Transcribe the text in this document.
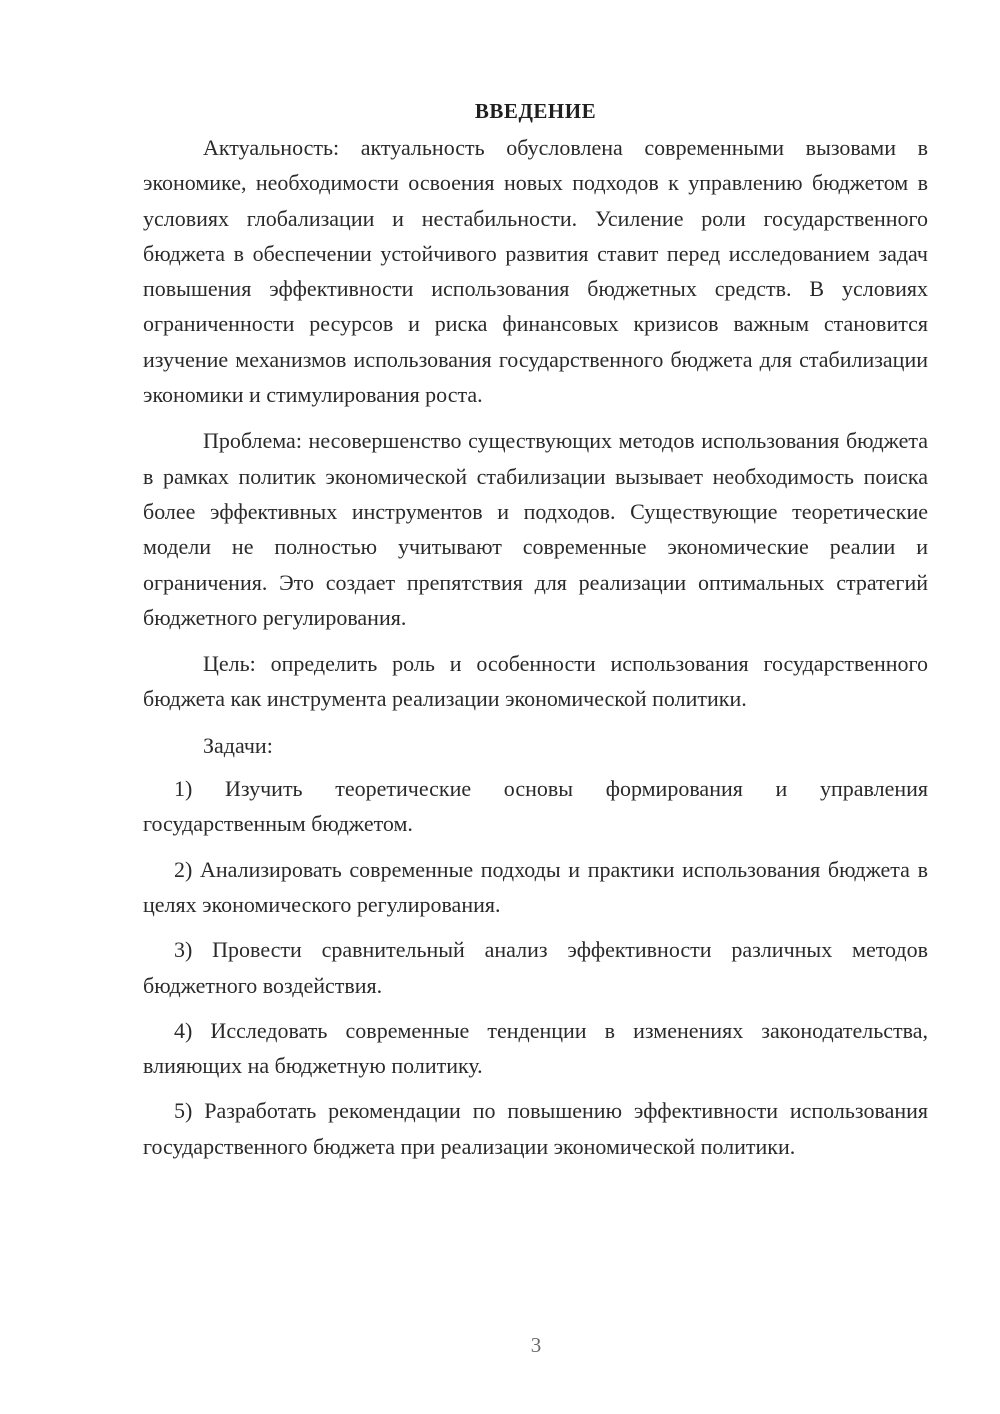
ВВЕДЕНИЕ

Актуальность: актуальность обусловлена современными вызовами в экономике, необходимости освоения новых подходов к управлению бюджетом в условиях глобализации и нестабильности. Усиление роли государственного бюджета в обеспечении устойчивого развития ставит перед исследованием задач повышения эффективности использования бюджетных средств. В условиях ограниченности ресурсов и риска финансовых кризисов важным становится изучение механизмов использования государственного бюджета для стабилизации экономики и стимулирования роста.

Проблема: несовершенство существующих методов использования бюджета в рамках политик экономической стабилизации вызывает необходимость поиска более эффективных инструментов и подходов. Существующие теоретические модели не полностью учитывают современные экономические реалии и ограничения. Это создает препятствия для реализации оптимальных стратегий бюджетного регулирования.

Цель: определить роль и особенности использования государственного бюджета как инструмента реализации экономической политики.

Задачи:

1) Изучить теоретические основы формирования и управления государственным бюджетом.

2) Анализировать современные подходы и практики использования бюджета в целях экономического регулирования.

3) Провести сравнительный анализ эффективности различных методов бюджетного воздействия.

4) Исследовать современные тенденции в изменениях законодательства, влияющих на бюджетную политику.

5) Разработать рекомендации по повышению эффективности использования государственного бюджета при реализации экономической политики.

3
